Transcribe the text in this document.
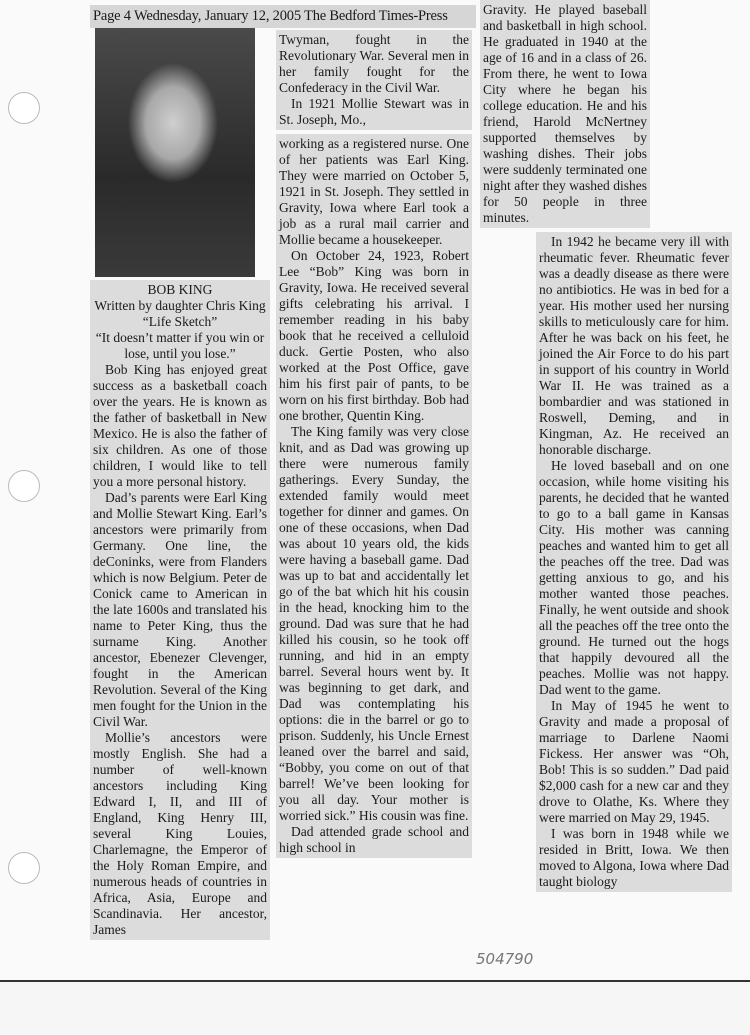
Page 4 Wednesday, January 12, 2005 The Bedford Times-Press
BOB KING
Written by daughter Chris King
“Life Sketch”
“It doesn’t matter if you win or lose, until you lose.”

Bob King has enjoyed great success as a basketball coach over the years. He is known as the father of basketball in New Mexico. He is also the father of six children. As one of those children, I would like to tell you a more personal history.

Dad’s parents were Earl King and Mollie Stewart King. Earl’s ancestors were primarily from Germany. One line, the deConinks, were from Flanders which is now Belgium. Peter de Conick came to American in the late 1600s and translated his name to Peter King, thus the surname King. Another ancestor, Ebenezer Clevenger, fought in the American Revolution. Several of the King men fought for the Union in the Civil War.

Mollie’s ancestors were mostly English. She had a number of well-known ancestors including King Edward I, II, and III of England, King Henry III, several King Louies, Charlemagne, the Emperor of the Holy Roman Empire, and numerous heads of countries in Africa, Asia, Europe and Scandinavia. Her ancestor, James

Twyman, fought in the Revolutionary War. Several men in her family fought for the Confederacy in the Civil War.

In 1921 Mollie Stewart was in St. Joseph, Mo.,

working as a registered nurse. One of her patients was Earl King. They were married on October 5, 1921 in St. Joseph. They settled in Gravity, Iowa where Earl took a job as a rural mail carrier and Mollie became a housekeeper.

On October 24, 1923, Robert Lee “Bob” King was born in Gravity, Iowa. He received several gifts celebrating his arrival. I remember reading in his baby book that he received a celluloid duck. Gertie Posten, who also worked at the Post Office, gave him his first pair of pants, to be worn on his first birthday. Bob had one brother, Quentin King.

The King family was very close knit, and as Dad was growing up there were numerous family gatherings. Every Sunday, the extended family would meet together for dinner and games. On one of these occasions, when Dad was about 10 years old, the kids were having a baseball game. Dad was up to bat and accidentally let go of the bat which hit his cousin in the head, knocking him to the ground. Dad was sure that he had killed his cousin, so he took off running, and hid in an empty barrel. Several hours went by. It was beginning to get dark, and Dad was contemplating his options: die in the barrel or go to prison. Suddenly, his Uncle Ernest leaned over the barrel and said, “Bobby, you come on out of that barrel! We’ve been looking for you all day. Your mother is worried sick.” His cousin was fine.

Dad attended grade school and high school in

Gravity. He played baseball and basketball in high school. He graduated in 1940 at the age of 16 and in a class of 26. From there, he went to Iowa City where he began his college education. He and his friend, Harold McNertney supported themselves by washing dishes. Their jobs were suddenly terminated one night after they washed dishes for 50 people in three minutes.

In 1942 he became very ill with rheumatic fever. Rheumatic fever was a deadly disease as there were no antibiotics. He was in bed for a year. His mother used her nursing skills to meticulously care for him. After he was back on his feet, he joined the Air Force to do his part in support of his country in World War II. He was trained as a bombardier and was stationed in Roswell, Deming, and in Kingman, Az. He received an honorable discharge.

He loved baseball and on one occasion, while home visiting his parents, he decided that he wanted to go to a ball game in Kansas City. His mother was canning peaches and wanted him to get all the peaches off the tree. Dad was getting anxious to go, and his mother wanted those peaches. Finally, he went outside and shook all the peaches off the tree onto the ground. He turned out the hogs that happily devoured all the peaches. Mollie was not happy. Dad went to the game.

In May of 1945 he went to Gravity and made a proposal of marriage to Darlene Naomi Fickess. Her answer was “Oh, Bob! This is so sudden.” Dad paid $2,000 cash for a new car and they drove to Olathe, Ks. Where they were married on May 29, 1945.

I was born in 1948 while we resided in Britt, Iowa. We then moved to Algona, Iowa where Dad taught biology

504790
